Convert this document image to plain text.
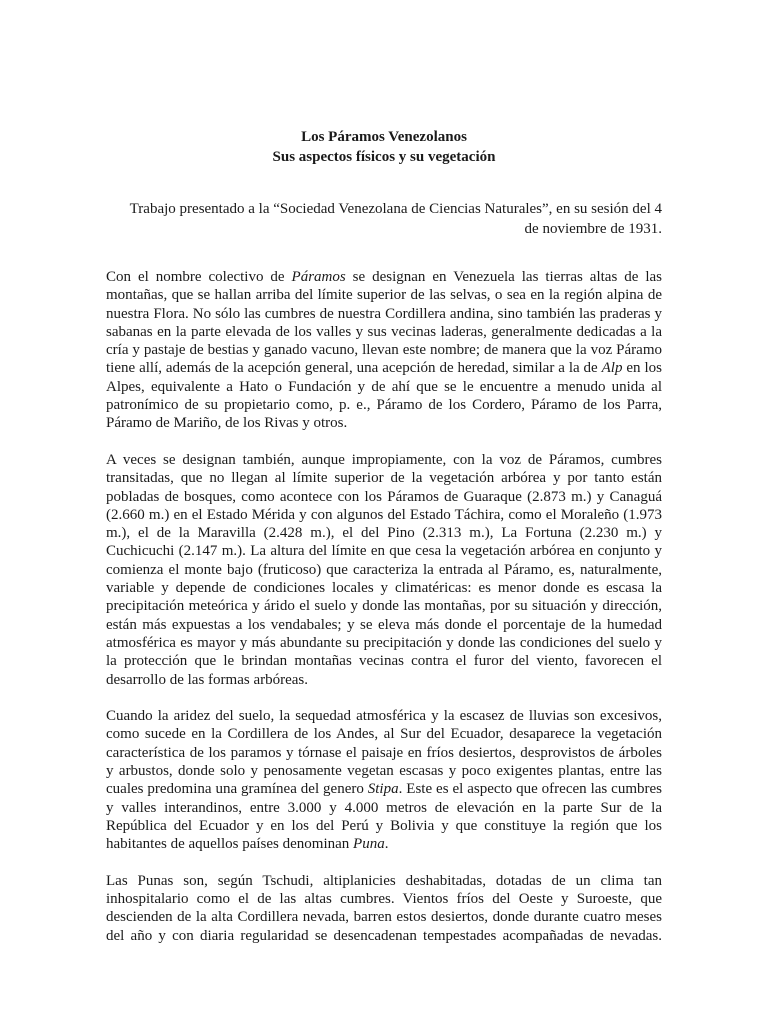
Los Páramos Venezolanos
Sus aspectos físicos y su vegetación
Trabajo presentado a la “Sociedad Venezolana de Ciencias Naturales”, en su sesión del 4
de noviembre de 1931.

Con el nombre colectivo de Páramos se designan en Venezuela las tierras altas de las montañas, que se hallan arriba del límite superior de las selvas, o sea en la región alpina de nuestra Flora. No sólo las cumbres de nuestra Cordillera andina, sino también las praderas y sabanas en la parte elevada de los valles y sus vecinas laderas, generalmente dedicadas a la cría y pastaje de bestias y ganado vacuno, llevan este nombre; de manera que la voz Páramo tiene allí, además de la acepción general, una acepción de heredad, similar a la de Alp en los Alpes, equivalente a Hato o Fundación y de ahí que se le encuentre a menudo unida al patronímico de su propietario como, p. e., Páramo de los Cordero, Páramo de los Parra, Páramo de Mariño, de los Rivas y otros.

A veces se designan también, aunque impropiamente, con la voz de Páramos, cumbres transitadas, que no llegan al límite superior de la vegetación arbórea y por tanto están pobladas de bosques, como acontece con los Páramos de Guaraque (2.873 m.) y Canaguá (2.660 m.) en el Estado Mérida y con algunos del Estado Táchira, como el Moraleño (1.973 m.), el de la Maravilla (2.428 m.), el del Pino (2.313 m.), La Fortuna (2.230 m.) y Cuchicuchi (2.147 m.). La altura del límite en que cesa la vegetación arbórea en conjunto y comienza el monte bajo (fruticoso) que caracteriza la entrada al Páramo, es, naturalmente, variable y depende de condiciones locales y climatéricas: es menor donde es escasa la precipitación meteórica y árido el suelo y donde las montañas, por su situación y dirección, están más expuestas a los vendabales; y se eleva más donde el porcentaje de la humedad atmosférica es mayor y más abundante su precipitación y donde las condiciones del suelo y la protección que le brindan montañas vecinas contra el furor del viento, favorecen el desarrollo de las formas arbóreas.

Cuando la aridez del suelo, la sequedad atmosférica y la escasez de lluvias son excesivos, como sucede en la Cordillera de los Andes, al Sur del Ecuador, desaparece la vegetación característica de los paramos y tórnase el paisaje en fríos desiertos, desprovistos de árboles y arbustos, donde solo y penosamente vegetan escasas y poco exigentes plantas, entre las cuales predomina una gramínea del genero Stipa. Este es el aspecto que ofrecen las cumbres y valles interandinos, entre 3.000 y 4.000 metros de elevación en la parte Sur de la República del Ecuador y en los del Perú y Bolivia y que constituye la región que los habitantes de aquellos países denominan Puna.

Las Punas son, según Tschudi, altiplanicies deshabitadas, dotadas de un clima tan inhospitalario como el de las altas cumbres. Vientos fríos del Oeste y Suroeste, que descienden de la alta Cordillera nevada, barren estos desiertos, donde durante cuatro meses del año y con diaria regularidad se desencadenan tempestades acompañadas de nevadas.
